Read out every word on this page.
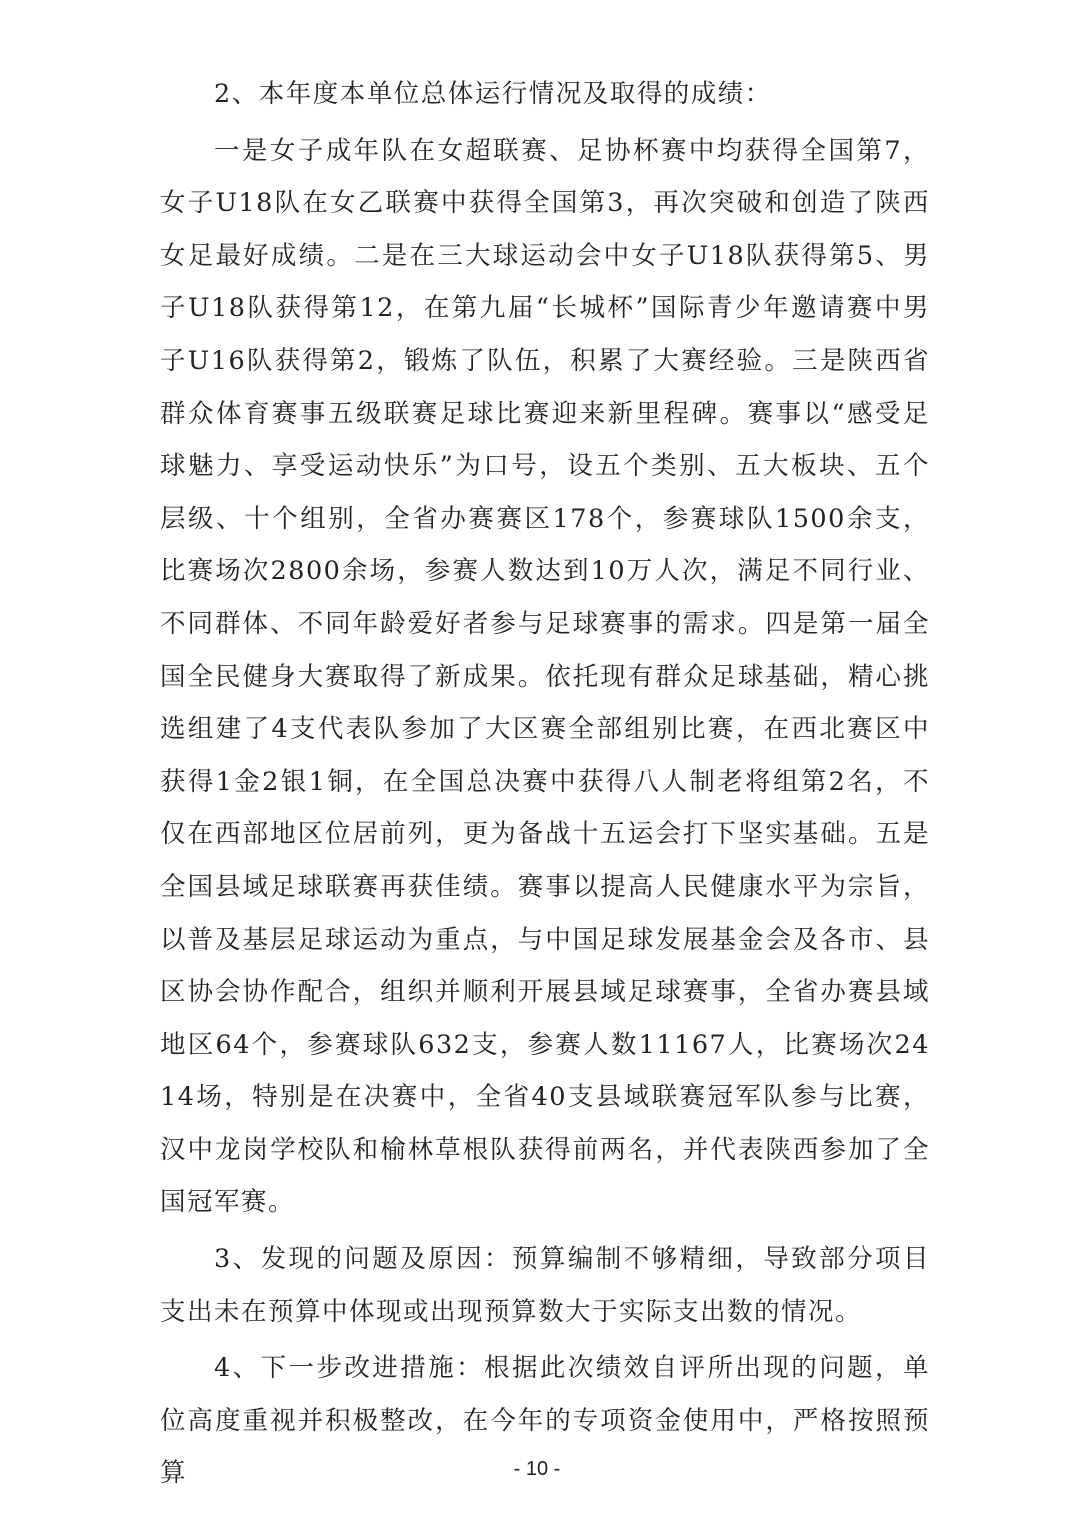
2、本年度本单位总体运行情况及取得的成绩：

一是女子成年队在女超联赛、足协杯赛中均获得全国第7，女子U18队在女乙联赛中获得全国第3，再次突破和创造了陕西女足最好成绩。二是在三大球运动会中女子U18队获得第5、男子U18队获得第12，在第九届“长城杯”国际青少年邀请赛中男子U16队获得第2，锻炼了队伍，积累了大赛经验。三是陕西省群众体育赛事五级联赛足球比赛迎来新里程碑。赛事以“感受足球魅力、享受运动快乐”为口号，设五个类别、五大板块、五个层级、十个组别，全省办赛赛区178个，参赛球队1500余支，比赛场次2800余场，参赛人数达到10万人次，满足不同行业、不同群体、不同年龄爱好者参与足球赛事的需求。四是第一届全国全民健身大赛取得了新成果。依托现有群众足球基础，精心挑选组建了4支代表队参加了大区赛全部组别比赛，在西北赛区中获得1金2银1铜，在全国总决赛中获得八人制老将组第2名，不仅在西部地区位居前列，更为备战十五运会打下坚实基础。五是全国县域足球联赛再获佳绩。赛事以提高人民健康水平为宗旨，以普及基层足球运动为重点，与中国足球发展基金会及各市、县区协会协作配合，组织并顺利开展县域足球赛事，全省办赛县域地区64个，参赛球队632支，参赛人数11167人，比赛场次2414场，特别是在决赛中，全省40支县域联赛冠军队参与比赛，汉中龙岗学校队和榆林草根队获得前两名，并代表陕西参加了全国冠军赛。

3、发现的问题及原因：预算编制不够精细，导致部分项目支出未在预算中体现或出现预算数大于实际支出数的情况。

4、下一步改进措施：根据此次绩效自评所出现的问题，单位高度重视并积极整改，在今年的专项资金使用中，严格按照预算	- 10 -
